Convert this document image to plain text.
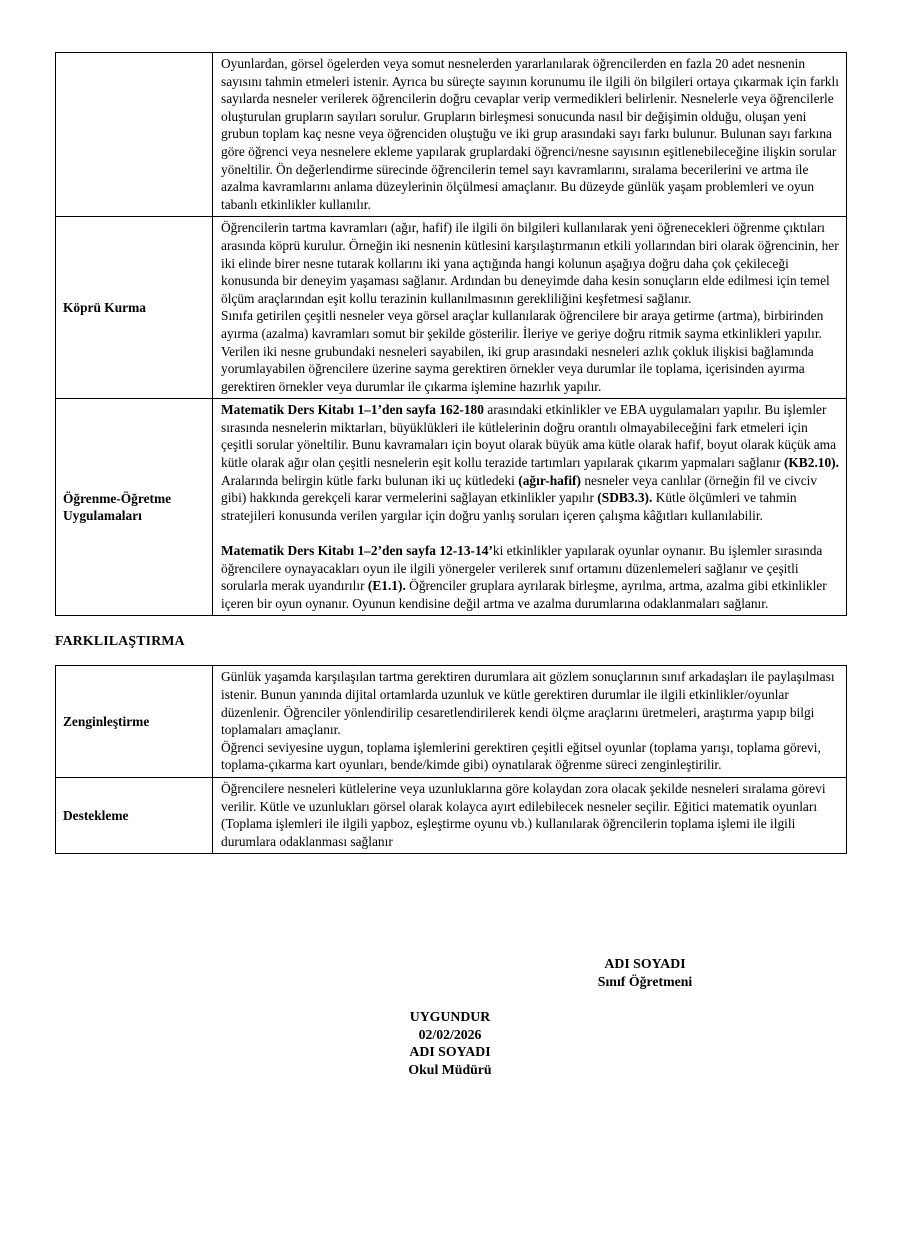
	Oyunlardan, görsel ögelerden veya somut nesnelerden yararlanılarak öğrencilerden en fazla 20 adet nesnenin sayısını tahmin etmeleri istenir. Ayrıca bu süreçte sayının korunumu ile ilgili ön bilgileri ortaya çıkarmak için farklı sayılarda nesneler verilerek öğrencilerin doğru cevaplar verip vermedikleri belirlenir. Nesnelerle veya öğrencilerle oluşturulan grupların sayıları sorulur. Grupların birleşmesi sonucunda nasıl bir değişimin olduğu, oluşan yeni grubun toplam kaç nesne veya öğrenciden oluştuğu ve iki grup arasındaki sayı farkı bulunur. Bulunan sayı farkına göre öğrenci veya nesnelere ekleme yapılarak gruplardaki öğrenci/nesne sayısının eşitlenebileceğine ilişkin sorular yöneltilir. Ön değerlendirme sürecinde öğrencilerin temel sayı kavramlarını, sıralama becerilerini ve artma ile azalma kavramlarını anlama düzeylerinin ölçülmesi amaçlanır. Bu düzeyde günlük yaşam problemleri ve oyun tabanlı etkinlikler kullanılır.

Köprü Kurma	Öğrencilerin tartma kavramları (ağır, hafif) ile ilgili ön bilgileri kullanılarak yeni öğrenecekleri öğrenme çıktıları arasında köprü kurulur. Örneğin iki nesnenin kütlesini karşılaştırmanın etkili yollarından biri olarak öğrencinin, her iki elinde birer nesne tutarak kollarını iki yana açtığında hangi kolunun aşağıya doğru daha çok çekileceği konusunda bir deneyim yaşaması sağlanır. Ardından bu deneyimde daha kesin sonuçların elde edilmesi için temel ölçüm araçlarından eşit kollu terazinin kullanılmasının gerekliliğini keşfetmesi sağlanır.
Sınıfa getirilen çeşitli nesneler veya görsel araçlar kullanılarak öğrencilere bir araya getirme (artma), birbirinden ayırma (azalma) kavramları somut bir şekilde gösterilir. İleriye ve geriye doğru ritmik sayma etkinlikleri yapılır. Verilen iki nesne grubundaki nesneleri sayabilen, iki grup arasındaki nesneleri azlık çokluk ilişkisi bağlamında yorumlayabilen öğrencilere üzerine sayma gerektiren örnekler veya durumlar ile toplama, içerisinden ayırma gerektiren örnekler veya durumlar ile çıkarma işlemine hazırlık yapılır.

Öğrenme-Öğretme Uygulamaları	Matematik Ders Kitabı 1–1’den sayfa 162-180 arasındaki etkinlikler ve EBA uygulamaları yapılır. Bu işlemler sırasında nesnelerin miktarları, büyüklükleri ile kütlelerinin doğru orantılı olmayabileceğini fark etmeleri için çeşitli sorular yöneltilir. Bunu kavramaları için boyut olarak büyük ama kütle olarak hafif, boyut olarak küçük ama kütle olarak ağır olan çeşitli nesnelerin eşit kollu terazide tartımları yapılarak çıkarım yapmaları sağlanır (KB2.10). Aralarında belirgin kütle farkı bulunan iki uç kütledeki (ağır-hafif) nesneler veya canlılar (örneğin fil ve civciv gibi) hakkında gerekçeli karar vermelerini sağlayan etkinlikler yapılır (SDB3.3). Kütle ölçümleri ve tahmin stratejileri konusunda verilen yargılar için doğru yanlış soruları içeren çalışma kâğıtları kullanılabilir.

Matematik Ders Kitabı 1–2’den sayfa 12-13-14’ki etkinlikler yapılarak oyunlar oynanır. Bu işlemler sırasında öğrencilere oynayacakları oyun ile ilgili yönergeler verilerek sınıf ortamını düzenlemeleri sağlanır ve çeşitli sorularla merak uyandırılır (E1.1). Öğrenciler gruplara ayrılarak birleşme, ayrılma, artma, azalma gibi etkinlikler içeren bir oyun oynanır. Oyunun kendisine değil artma ve azalma durumlarına odaklanmaları sağlanır.
FARKLILAŞTIRMA
Zenginleştirme	Günlük yaşamda karşılaşılan tartma gerektiren durumlara ait gözlem sonuçlarının sınıf arkadaşları ile paylaşılması istenir. Bunun yanında dijital ortamlarda uzunluk ve kütle gerektiren durumlar ile ilgili etkinlikler/oyunlar düzenlenir. Öğrenciler yönlendirilip cesaretlendirilerek kendi ölçme araçlarını üretmeleri, araştırma yapıp bilgi toplamaları amaçlanır.
Öğrenci seviyesine uygun, toplama işlemlerini gerektiren çeşitli eğitsel oyunlar (toplama yarışı, toplama görevi, toplama-çıkarma kart oyunları, bende/kimde gibi) oynatılarak öğrenme süreci zenginleştirilir.

Destekleme	Öğrencilere nesneleri kütlelerine veya uzunluklarına göre kolaydan zora olacak şekilde nesneleri sıralama görevi verilir. Kütle ve uzunlukları görsel olarak kolayca ayırt edilebilecek nesneler seçilir. Eğitici matematik oyunları (Toplama işlemleri ile ilgili yapboz, eşleştirme oyunu vb.) kullanılarak öğrencilerin toplama işlemi ile ilgili durumlara odaklanması sağlanır
ADI SOYADI
Sınıf Öğretmeni
UYGUNDUR
02/02/2026
ADI SOYADI
Okul Müdürü
